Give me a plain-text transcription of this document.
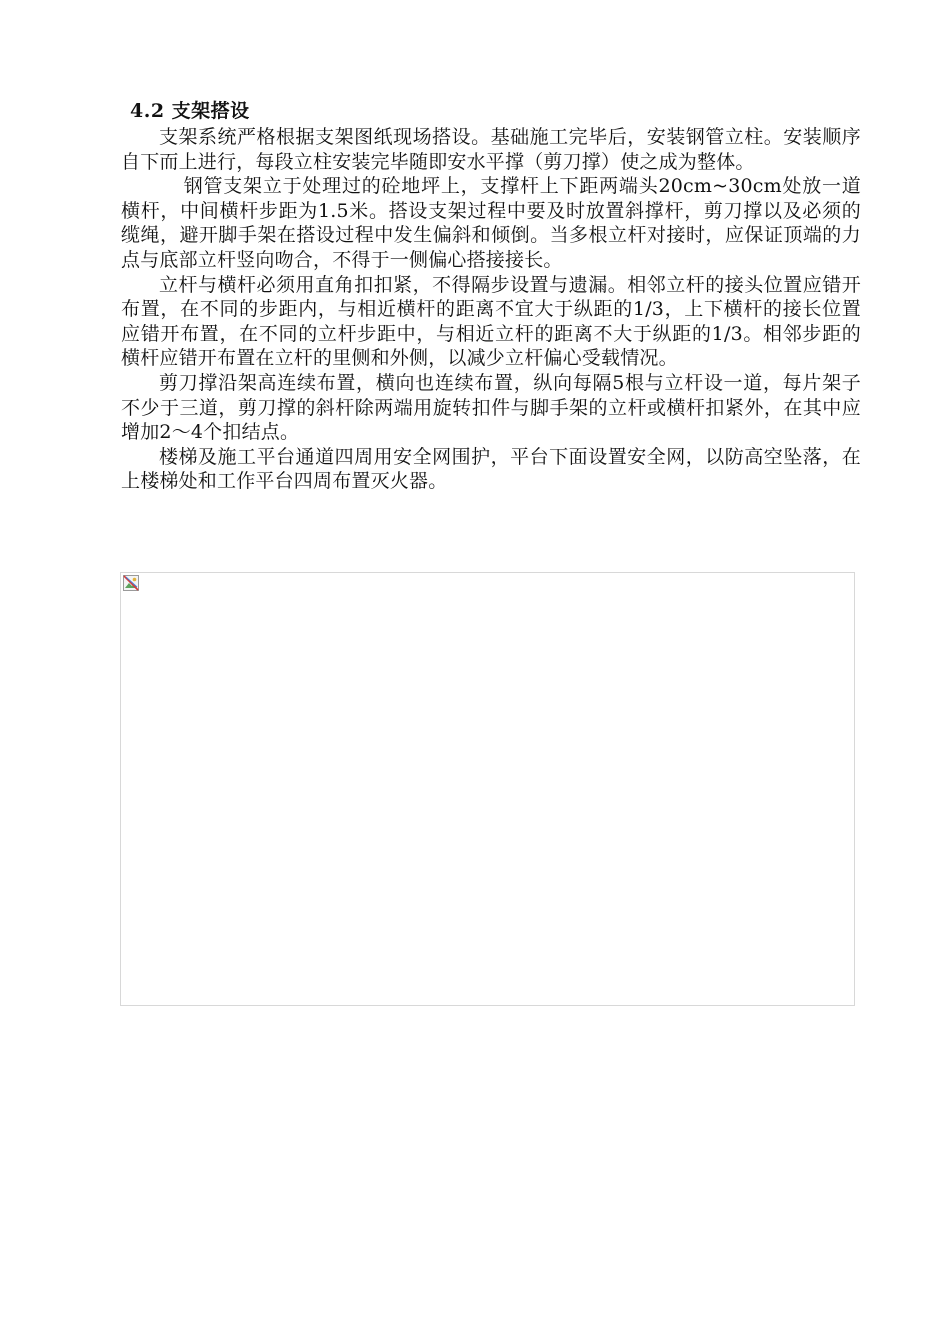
4.2 支架搭设

支架系统严格根据支架图纸现场搭设。基础施工完毕后，安装钢管立柱。安装顺序自下而上进行，每段立柱安装完毕随即安水平撑（剪刀撑）使之成为整体。

钢管支架立于处理过的砼地坪上，支撑杆上下距两端头20cm~30cm处放一道横杆，中间横杆步距为1.5米。搭设支架过程中要及时放置斜撑杆，剪刀撑以及必须的缆绳，避开脚手架在搭设过程中发生偏斜和倾倒。当多根立杆对接时，应保证顶端的力点与底部立杆竖向吻合，不得于一侧偏心搭接接长。

立杆与横杆必须用直角扣扣紧，不得隔步设置与遗漏。相邻立杆的接头位置应错开布置，在不同的步距内，与相近横杆的距离不宜大于纵距的1/3，上下横杆的接长位置应错开布置，在不同的立杆步距中，与相近立杆的距离不大于纵距的1/3。相邻步距的横杆应错开布置在立杆的里侧和外侧，以减少立杆偏心受载情况。

剪刀撑沿架高连续布置，横向也连续布置，纵向每隔5根与立杆设一道，每片架子不少于三道，剪刀撑的斜杆除两端用旋转扣件与脚手架的立杆或横杆扣紧外，在其中应增加2～4个扣结点。

楼梯及施工平台通道四周用安全网围护，平台下面设置安全网，以防高空坠落，在上楼梯处和工作平台四周布置灭火器。
